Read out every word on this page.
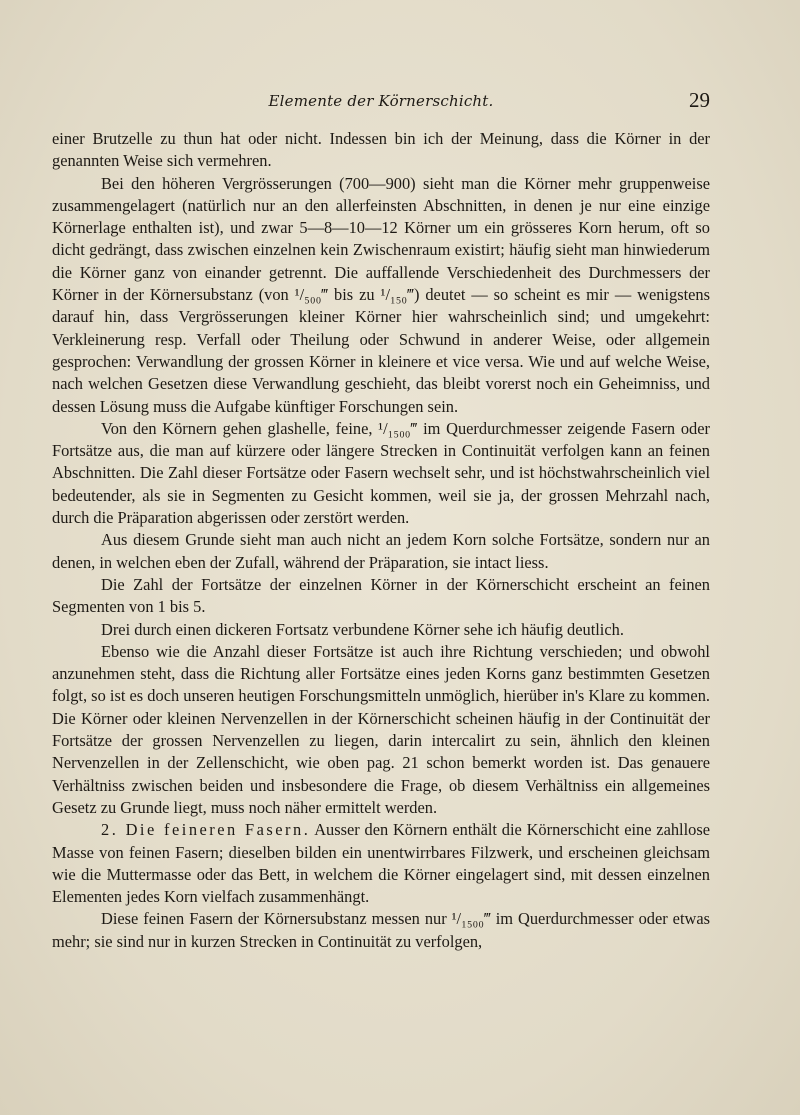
Elemente der Körnerschicht.	29

einer Brutzelle zu thun hat oder nicht. Indessen bin ich der Meinung, dass die Körner in der genannten Weise sich vermehren.

Bei den höheren Vergrösserungen (700—900) sieht man die Körner mehr gruppenweise zusammengelagert (natürlich nur an den allerfeinsten Abschnitten, in denen je nur eine einzige Körnerlage enthalten ist), und zwar 5—8—10—12 Körner um ein grösseres Korn herum, oft so dicht gedrängt, dass zwischen einzelnen kein Zwischenraum existirt; häufig sieht man hinwiederum die Körner ganz von einander getrennt. Die auffallende Verschiedenheit des Durchmessers der Körner in der Körnersubstanz (von ¹/₅₀₀‴ bis zu ¹/₁₅₀‴) deutet — so scheint es mir — wenigstens darauf hin, dass Vergrösserungen kleiner Körner hier wahrscheinlich sind; und umgekehrt: Verkleinerung resp. Verfall oder Theilung oder Schwund in anderer Weise, oder allgemein gesprochen: Verwandlung der grossen Körner in kleinere et vice versa. Wie und auf welche Weise, nach welchen Gesetzen diese Verwandlung geschieht, das bleibt vorerst noch ein Geheimniss, und dessen Lösung muss die Aufgabe künftiger Forschungen sein.

Von den Körnern gehen glashelle, feine, ¹/₁₅₀₀‴ im Querdurchmesser zeigende Fasern oder Fortsätze aus, die man auf kürzere oder längere Strecken in Continuität verfolgen kann an feinen Abschnitten. Die Zahl dieser Fortsätze oder Fasern wechselt sehr, und ist höchstwahrscheinlich viel bedeutender, als sie in Segmenten zu Gesicht kommen, weil sie ja, der grossen Mehrzahl nach, durch die Präparation abgerissen oder zerstört werden.

Aus diesem Grunde sieht man auch nicht an jedem Korn solche Fortsätze, sondern nur an denen, in welchen eben der Zufall, während der Präparation, sie intact liess.

Die Zahl der Fortsätze der einzelnen Körner in der Körnerschicht erscheint an feinen Segmenten von 1 bis 5.

Drei durch einen dickeren Fortsatz verbundene Körner sehe ich häufig deutlich.

Ebenso wie die Anzahl dieser Fortsätze ist auch ihre Richtung verschieden; und obwohl anzunehmen steht, dass die Richtung aller Fortsätze eines jeden Korns ganz bestimmten Gesetzen folgt, so ist es doch unseren heutigen Forschungsmitteln unmöglich, hierüber in's Klare zu kommen. Die Körner oder kleinen Nervenzellen in der Körnerschicht scheinen häufig in der Continuität der Fortsätze der grossen Nervenzellen zu liegen, darin intercalirt zu sein, ähnlich den kleinen Nervenzellen in der Zellenschicht, wie oben pag. 21 schon bemerkt worden ist. Das genauere Verhältniss zwischen beiden und insbesondere die Frage, ob diesem Verhältniss ein allgemeines Gesetz zu Grunde liegt, muss noch näher ermittelt werden.

2. Die feineren Fasern. Ausser den Körnern enthält die Körnerschicht eine zahllose Masse von feinen Fasern; dieselben bilden ein unentwirrbares Filzwerk, und erscheinen gleichsam wie die Muttermasse oder das Bett, in welchem die Körner eingelagert sind, mit dessen einzelnen Elementen jedes Korn vielfach zusammenhängt.

Diese feinen Fasern der Körnersubstanz messen nur ¹/₁₅₀₀‴ im Querdurchmesser oder etwas mehr; sie sind nur in kurzen Strecken in Continuität zu verfolgen,
